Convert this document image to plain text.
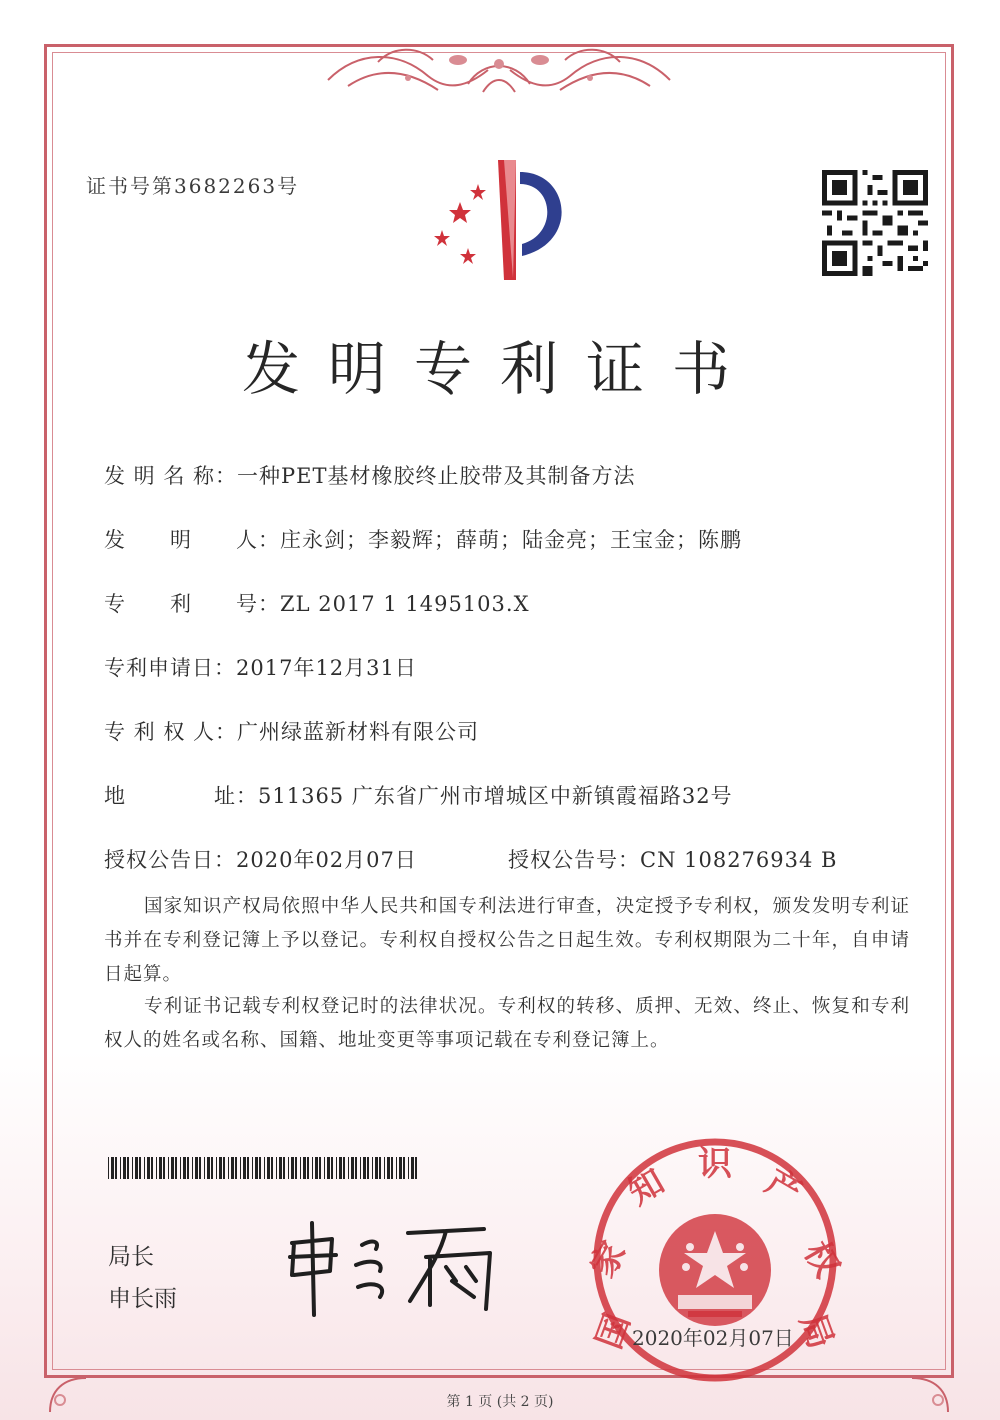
证书号第3682263号
发明专利证书
发 明 名 称：一种PET基材橡胶终止胶带及其制备方法
发　　明　　人：庄永剑；李毅辉；薛萌；陆金亮；王宝金；陈鹏
专　　利　　号：ZL 2017 1 1495103.X
专利申请日：2017年12月31日
专 利 权 人：广州绿蓝新材料有限公司
地　　　　址：511365 广东省广州市增城区中新镇霞福路32号
授权公告日：2020年02月07日	授权公告号：CN 108276934 B
国家知识产权局依照中华人民共和国专利法进行审查，决定授予专利权，颁发发明专利证书并在专利登记簿上予以登记。专利权自授权公告之日起生效。专利权期限为二十年，自申请日起算。
专利证书记载专利权登记时的法律状况。专利权的转移、质押、无效、终止、恢复和专利权人的姓名或名称、国籍、地址变更等事项记载在专利登记簿上。
局长
申长雨
国
家
知 识 产
权
局
2020年02月07日
第 1 页 (共 2 页)
